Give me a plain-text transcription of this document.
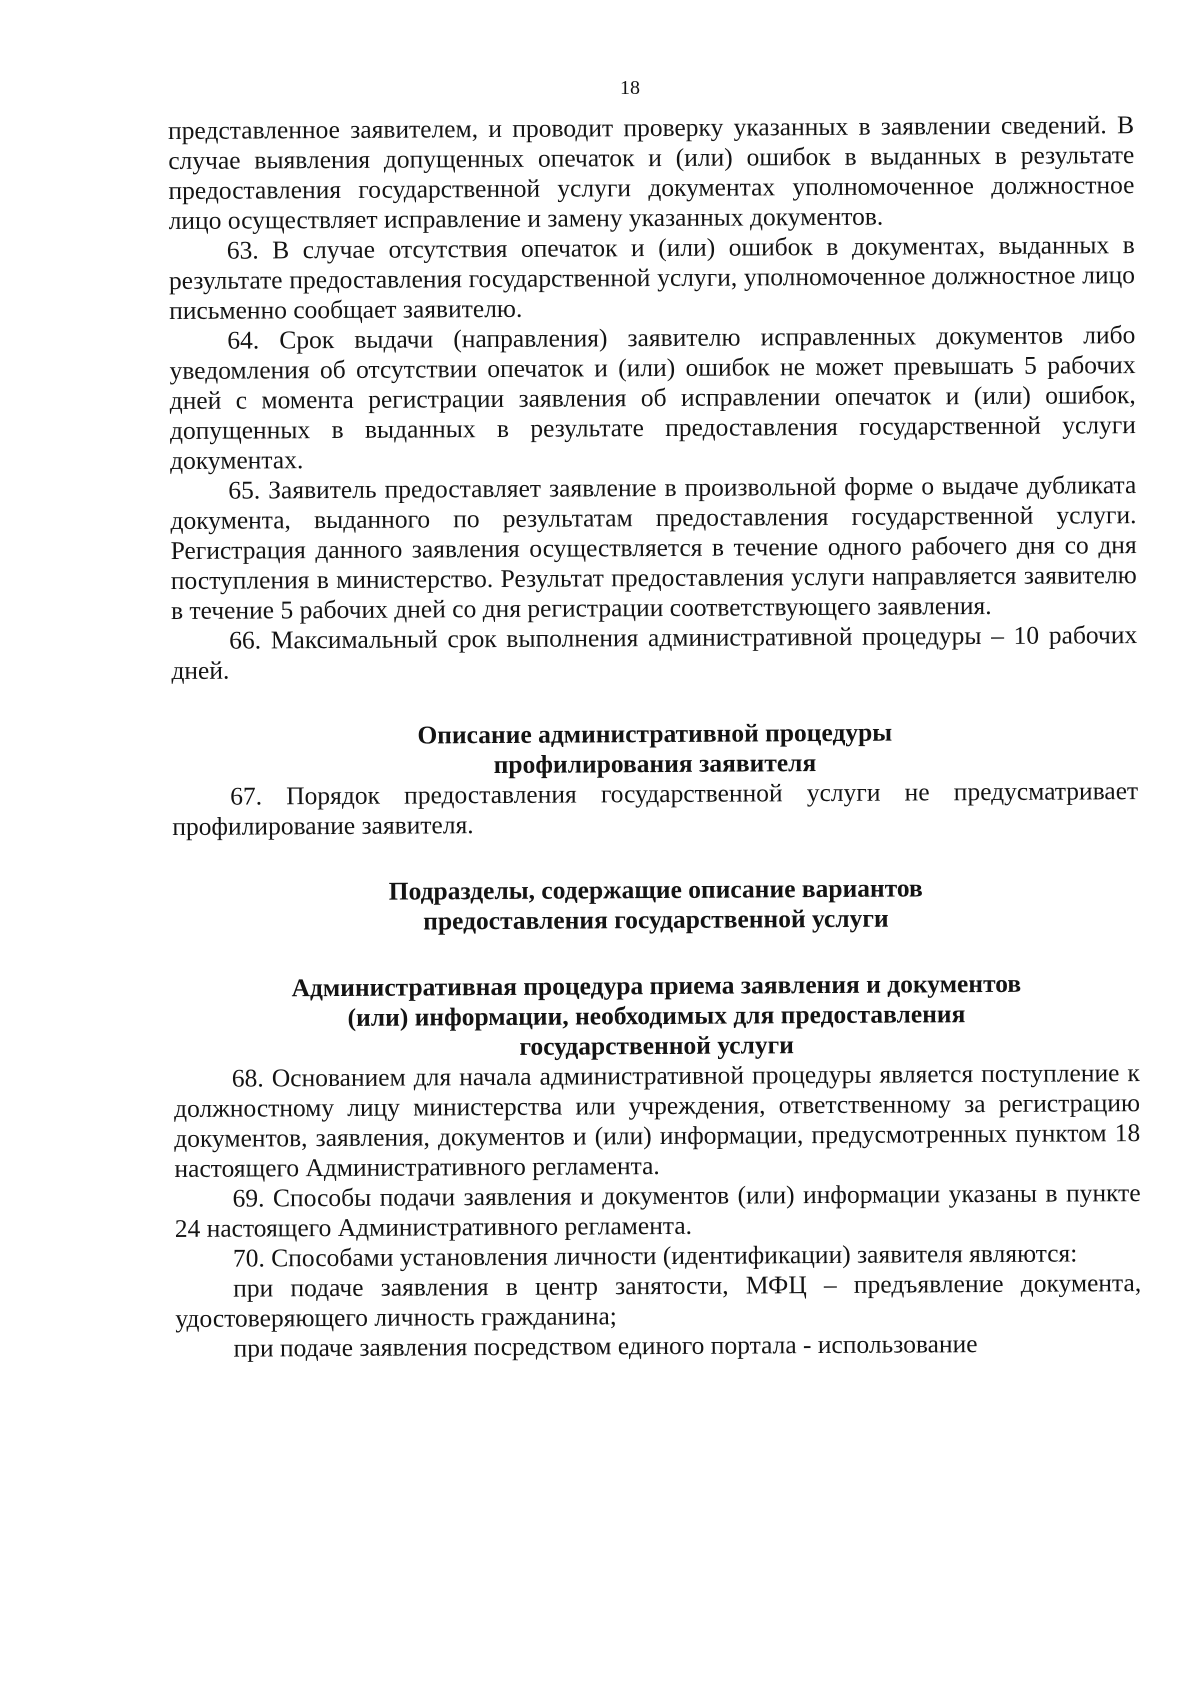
18

представленное заявителем, и проводит проверку указанных в заявлении сведений. В случае выявления допущенных опечаток и (или) ошибок в выданных в результате предоставления государственной услуги документах уполномоченное должностное лицо осуществляет исправление и замену указанных документов.

63. В случае отсутствия опечаток и (или) ошибок в документах, выданных в результате предоставления государственной услуги, уполномоченное должностное лицо письменно сообщает заявителю.

64. Срок выдачи (направления) заявителю исправленных документов либо уведомления об отсутствии опечаток и (или) ошибок не может превышать 5 рабочих дней с момента регистрации заявления об исправлении опечаток и (или) ошибок, допущенных в выданных в результате предоставления государственной услуги документах.

65. Заявитель предоставляет заявление в произвольной форме о выдаче дубликата документа, выданного по результатам предоставления государственной услуги. Регистрация данного заявления осуществляется в течение одного рабочего дня со дня поступления в министерство. Результат предоставления услуги направляется заявителю в течение 5 рабочих дней со дня регистрации соответствующего заявления.

66. Максимальный срок выполнения административной процедуры – 10 рабочих дней.

Описание административной процедуры
профилирования заявителя

67. Порядок предоставления государственной услуги не предусматривает профилирование заявителя.

Подразделы, содержащие описание вариантов
предоставления государственной услуги
Административная процедура приема заявления и документов
(или) информации, необходимых для предоставления
государственной услуги

68. Основанием для начала административной процедуры является поступление к должностному лицу министерства или учреждения, ответственному за регистрацию документов, заявления, документов и (или) информации, предусмотренных пунктом 18 настоящего Административного регламента.

69. Способы подачи заявления и документов (или) информации указаны в пункте 24 настоящего Административного регламента.

70. Способами установления личности (идентификации) заявителя являются:

при подаче заявления в центр занятости, МФЦ – предъявление документа, удостоверяющего личность гражданина;

при подаче заявления посредством единого портала - использование
